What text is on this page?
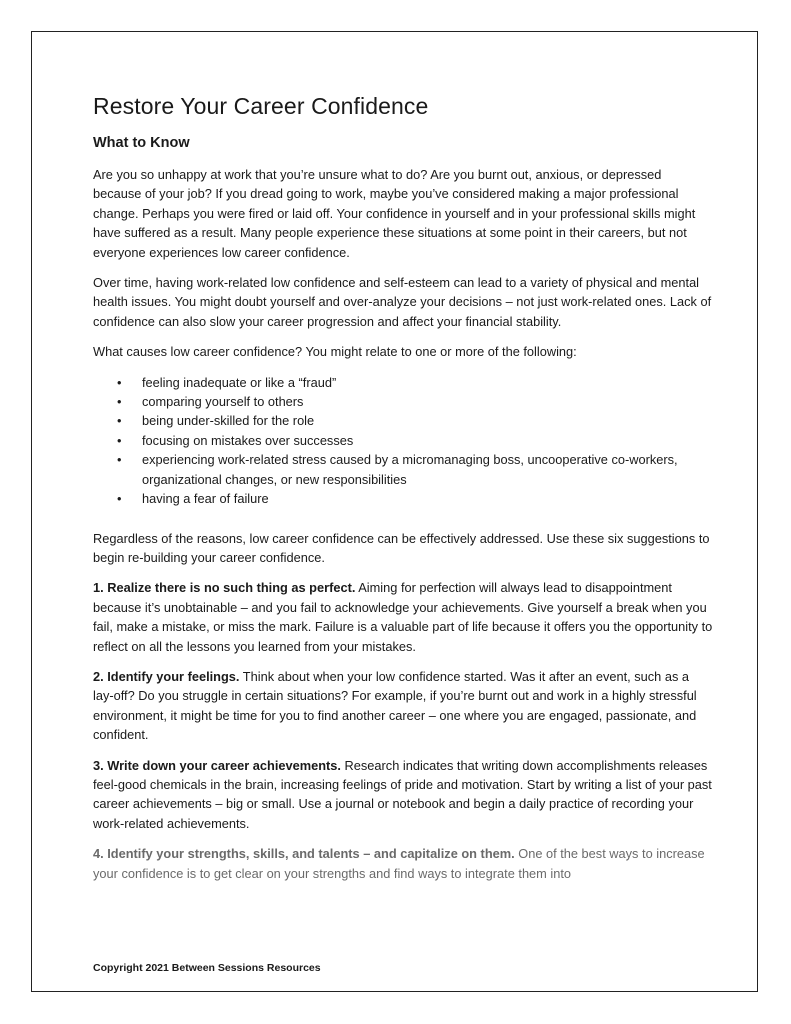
Restore Your Career Confidence
What to Know

Are you so unhappy at work that you’re unsure what to do? Are you burnt out, anxious, or depressed because of your job? If you dread going to work, maybe you’ve considered making a major professional change. Perhaps you were fired or laid off. Your confidence in yourself and in your professional skills might have suffered as a result. Many people experience these situations at some point in their careers, but not everyone experiences low career confidence.

Over time, having work-related low confidence and self-esteem can lead to a variety of physical and mental health issues. You might doubt yourself and over-analyze your decisions – not just work-related ones. Lack of confidence can also slow your career progression and affect your financial stability.

What causes low career confidence? You might relate to one or more of the following:

• feeling inadequate or like a “fraud”
• comparing yourself to others
• being under-skilled for the role
• focusing on mistakes over successes
• experiencing work-related stress caused by a micromanaging boss, uncooperative co-workers, organizational changes, or new responsibilities
• having a fear of failure

Regardless of the reasons, low career confidence can be effectively addressed. Use these six suggestions to begin re-building your career confidence.

1. Realize there is no such thing as perfect. Aiming for perfection will always lead to disappointment because it’s unobtainable – and you fail to acknowledge your achievements. Give yourself a break when you fail, make a mistake, or miss the mark. Failure is a valuable part of life because it offers you the opportunity to reflect on all the lessons you learned from your mistakes.

2. Identify your feelings. Think about when your low confidence started. Was it after an event, such as a lay-off? Do you struggle in certain situations? For example, if you’re burnt out and work in a highly stressful environment, it might be time for you to find another career – one where you are engaged, passionate, and confident.

3. Write down your career achievements. Research indicates that writing down accomplishments releases feel-good chemicals in the brain, increasing feelings of pride and motivation. Start by writing a list of your past career achievements – big or small. Use a journal or notebook and begin a daily practice of recording your work-related achievements.

4. Identify your strengths, skills, and talents – and capitalize on them. One of the best ways to increase your confidence is to get clear on your strengths and find ways to integrate them into

Copyright 2021 Between Sessions Resources
